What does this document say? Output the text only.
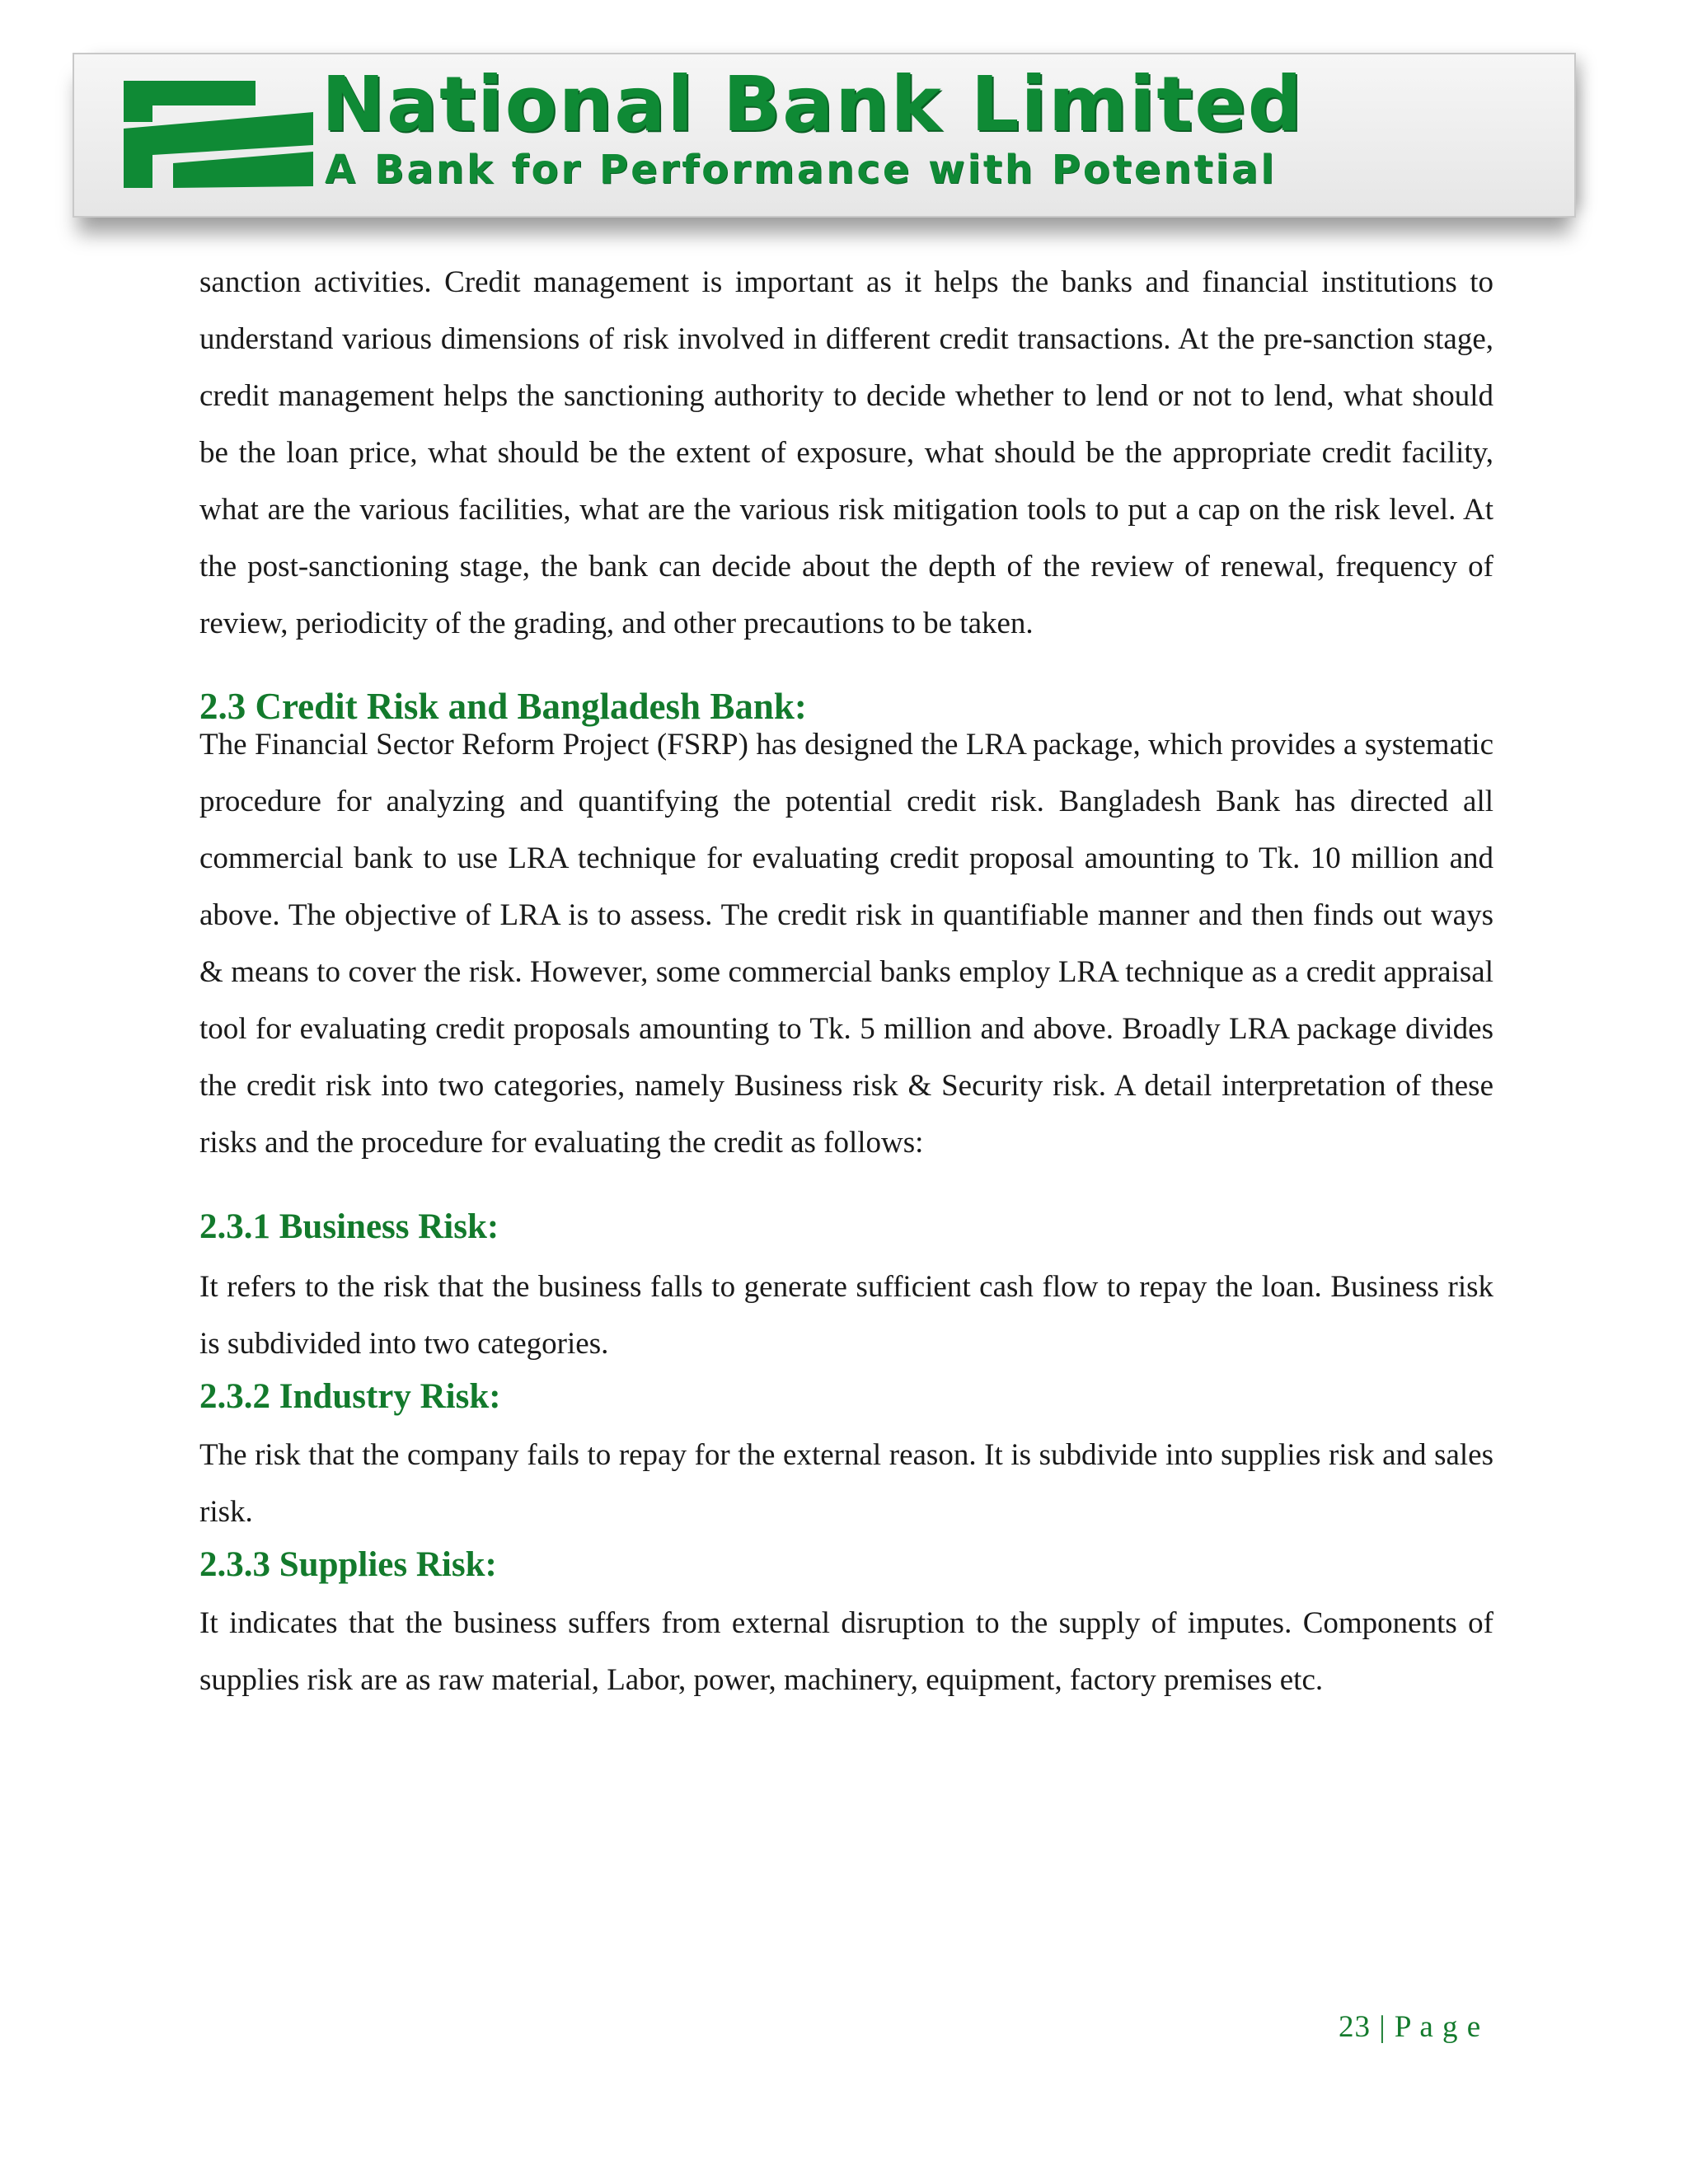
National Bank Limited
A Bank for Performance with Potential

sanction activities. Credit management is important as it helps the banks and financial institutions to understand various dimensions of risk involved in different credit transactions. At the pre-sanction stage, credit management helps the sanctioning authority to decide whether to lend or not to lend, what should be the loan price, what should be the extent of exposure, what should be the appropriate credit facility, what are the various facilities, what are the various risk mitigation tools to put a cap on the risk level. At the post-sanctioning stage, the bank can decide about the depth of the review of renewal, frequency of review, periodicity of the grading, and other precautions to be taken.

2.3 Credit Risk and Bangladesh Bank:

The Financial Sector Reform Project (FSRP) has designed the LRA package, which provides a systematic procedure for analyzing and quantifying the potential credit risk. Bangladesh Bank has directed all commercial bank to use LRA technique for evaluating credit proposal amounting to Tk. 10 million and above. The objective of LRA is to assess. The credit risk in quantifiable manner and then finds out ways & means to cover the risk. However, some commercial banks employ LRA technique as a credit appraisal tool for evaluating credit proposals amounting to Tk. 5 million and above. Broadly LRA package divides the credit risk into two categories, namely Business risk & Security risk. A detail interpretation of these risks and the procedure for evaluating the credit as follows:

2.3.1 Business Risk:

It refers to the risk that the business falls to generate sufficient cash flow to repay the loan. Business risk is subdivided into two categories.

2.3.2 Industry Risk:

The risk that the company fails to repay for the external reason. It is subdivide into supplies risk and sales risk.

2.3.3 Supplies Risk:

It indicates that the business suffers from external disruption to the supply of imputes. Components of supplies risk are as raw material, Labor, power, machinery, equipment, factory premises etc.

23 | P a g e
